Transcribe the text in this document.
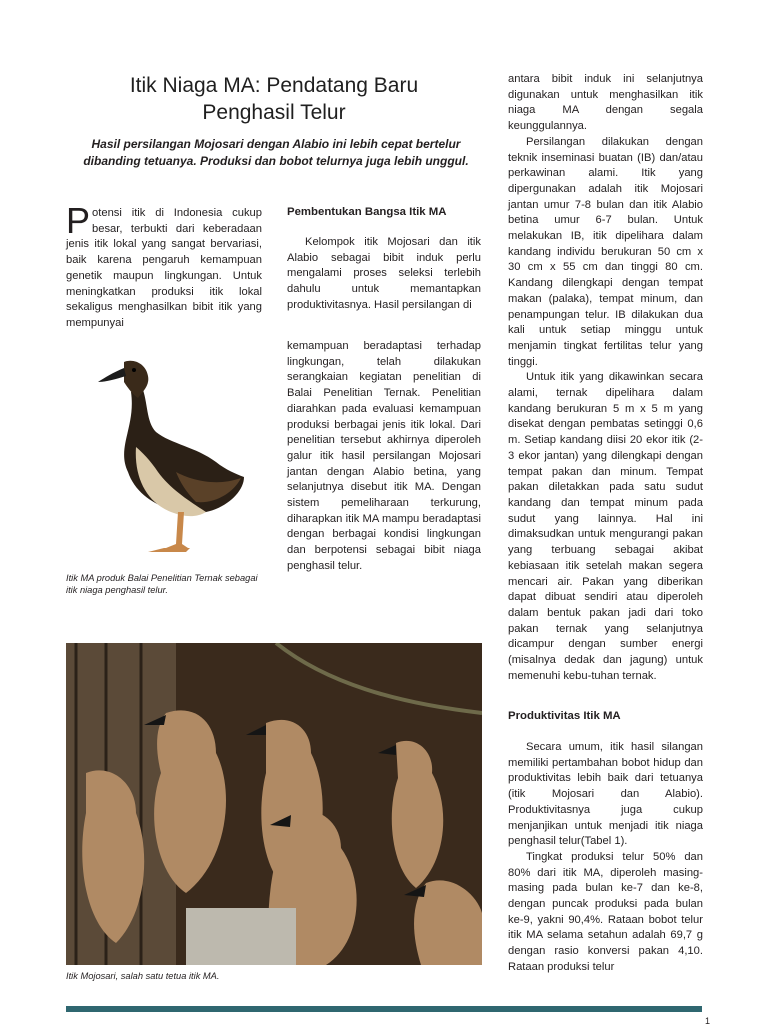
Itik Niaga MA: Pendatang Baru
Penghasil Telur

Hasil persilangan Mojosari dengan Alabio ini lebih cepat bertelur
dibanding tetuanya. Produksi dan bobot telurnya juga lebih unggul.

Potensi itik di Indonesia cukup besar, terbukti dari keberadaan jenis itik lokal yang sangat bervariasi, baik karena pengaruh kemampuan genetik maupun lingkungan. Untuk meningkatkan produksi itik lokal sekaligus menghasilkan bibit itik yang mempunyai

Itik MA produk Balai Penelitian Ternak sebagai itik niaga penghasil telur.

Pembentukan Bangsa Itik MA

Kelompok itik Mojosari dan itik Alabio sebagai bibit induk perlu mengalami proses seleksi terlebih dahulu untuk memantapkan produktivitasnya. Hasil persilangan di

kemampuan beradaptasi terhadap lingkungan, telah dilakukan serangkaian kegiatan penelitian di Balai Penelitian Ternak. Penelitian diarahkan pada evaluasi kemampuan produksi berbagai jenis itik lokal. Dari penelitian tersebut akhirnya diperoleh galur itik hasil persilangan Mojosari jantan dengan Alabio betina, yang selanjutnya disebut itik MA. Dengan sistem pemeliharaan terkurung, diharapkan itik MA mampu beradaptasi dengan berbagai kondisi lingkungan dan berpotensi sebagai bibit niaga penghasil telur.

antara bibit induk ini selanjutnya digunakan untuk menghasilkan itik niaga MA dengan segala keunggulannya.

Persilangan dilakukan dengan teknik inseminasi buatan (IB) dan/atau perkawinan alami. Itik yang dipergunakan adalah itik Mojosari jantan umur 7-8 bulan dan itik Alabio betina umur 6-7 bulan. Untuk melakukan IB, itik dipelihara dalam kandang individu berukuran 50 cm x 30 cm x 55 cm dan tinggi 80 cm. Kandang dilengkapi dengan tempat makan (palaka), tempat minum, dan penampungan telur. IB dilakukan dua kali untuk setiap minggu untuk menjamin tingkat fertilitas telur yang tinggi.

Untuk itik yang dikawinkan secara alami, ternak dipelihara dalam kandang berukuran 5 m x 5 m yang disekat dengan pembatas setinggi 0,6 m. Setiap kandang diisi 20 ekor itik (2-3 ekor jantan) yang dilengkapi dengan tempat pakan dan minum. Tempat pakan diletakkan pada satu sudut kandang dan tempat minum pada sudut yang lainnya. Hal ini dimaksudkan untuk mengurangi pakan yang terbuang sebagai akibat kebiasaan itik setelah makan segera mencari air. Pakan yang diberikan dapat dibuat sendiri atau diperoleh dalam bentuk pakan jadi dari toko pakan ternak yang selanjutnya dicampur dengan sumber energi (misalnya dedak dan jagung) untuk memenuhi kebu-tuhan ternak.

Produktivitas Itik MA

Secara umum, itik hasil silangan memiliki pertambahan bobot hidup dan produktivitas lebih baik dari tetuanya (itik Mojosari dan Alabio). Produktivitasnya juga cukup menjanjikan untuk menjadi itik niaga penghasil telur(Tabel 1).

Tingkat produksi telur 50% dan 80% dari itik MA, diperoleh masing-masing pada bulan ke-7 dan ke-8, dengan puncak produksi pada bulan ke-9, yakni 90,4%. Rataan bobot telur itik MA selama setahun adalah 69,7 g dengan rasio konversi pakan 4,10. Rataan produksi telur

Itik Mojosari, salah satu tetua itik MA.

1
